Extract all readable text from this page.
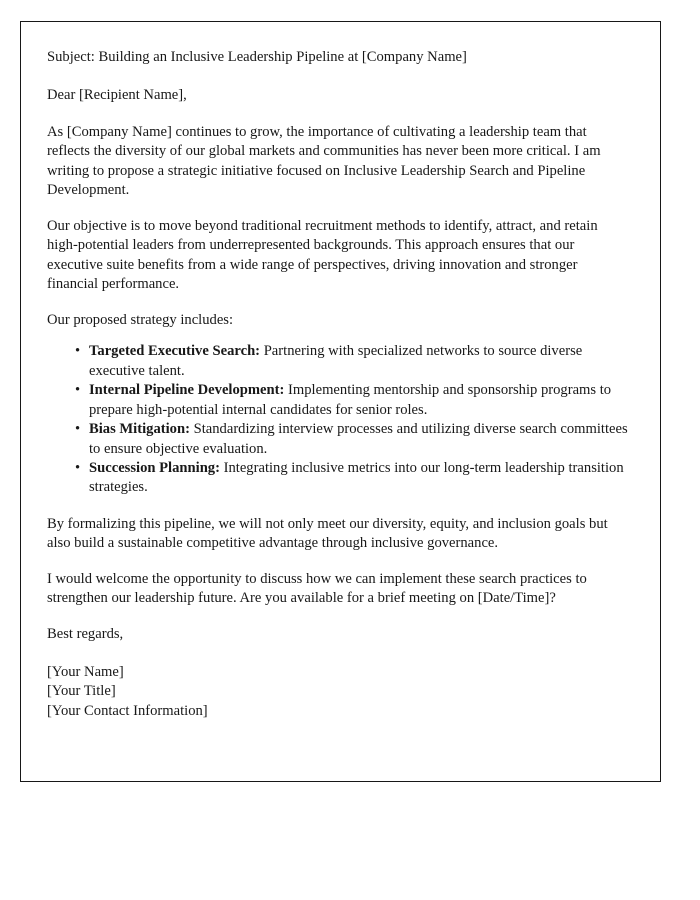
Subject: Building an Inclusive Leadership Pipeline at [Company Name]

Dear [Recipient Name],

As [Company Name] continues to grow, the importance of cultivating a leadership team that reflects the diversity of our global markets and communities has never been more critical. I am writing to propose a strategic initiative focused on Inclusive Leadership Search and Pipeline Development.

Our objective is to move beyond traditional recruitment methods to identify, attract, and retain high-potential leaders from underrepresented backgrounds. This approach ensures that our executive suite benefits from a wide range of perspectives, driving innovation and stronger financial performance.

Our proposed strategy includes:

• Targeted Executive Search: Partnering with specialized networks to source diverse executive talent.
• Internal Pipeline Development: Implementing mentorship and sponsorship programs to prepare high-potential internal candidates for senior roles.
• Bias Mitigation: Standardizing interview processes and utilizing diverse search committees to ensure objective evaluation.
• Succession Planning: Integrating inclusive metrics into our long-term leadership transition strategies.

By formalizing this pipeline, we will not only meet our diversity, equity, and inclusion goals but also build a sustainable competitive advantage through inclusive governance.

I would welcome the opportunity to discuss how we can implement these search practices to strengthen our leadership future. Are you available for a brief meeting on [Date/Time]?

Best regards,

[Your Name]

[Your Title]

[Your Contact Information]
